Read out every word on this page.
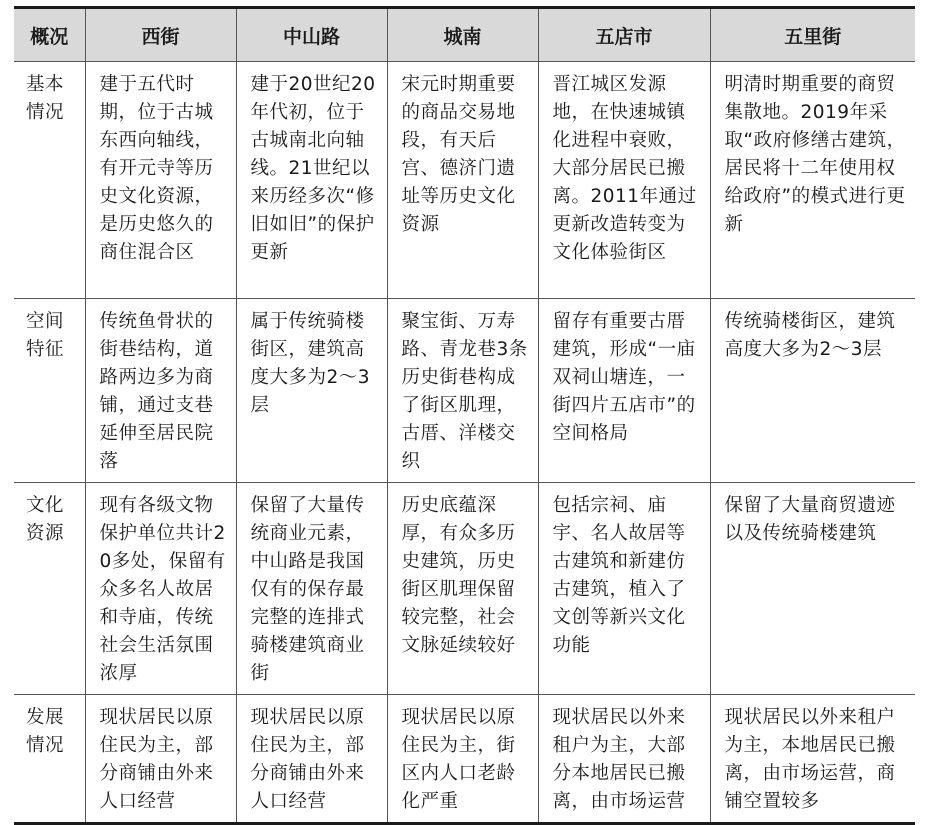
概况	西街	中山路	城南	五店市	五里街
基本情况	建于五代时期，位于古城东西向轴线，有开元寺等历史文化资源，是历史悠久的商住混合区	建于20世纪20年代初，位于古城南北向轴线。21世纪以来历经多次“修旧如旧”的保护更新	宋元时期重要的商品交易地段，有天后宫、德济门遗址等历史文化资源	晋江城区发源地，在快速城镇化进程中衰败，大部分居民已搬离。2011年通过更新改造转变为文化体验街区	明清时期重要的商贸集散地。2019年采取“政府修缮古建筑，居民将十二年使用权给政府”的模式进行更新
空间特征	传统鱼骨状的街巷结构，道路两边多为商铺，通过支巷延伸至居民院落	属于传统骑楼街区，建筑高度大多为2～3层	聚宝街、万寿路、青龙巷3条历史街巷构成了街区肌理，古厝、洋楼交织	留存有重要古厝建筑，形成“一庙双祠山塘连，一街四片五店市”的空间格局	传统骑楼街区，建筑高度大多为2～3层
文化资源	现有各级文物保护单位共计20多处，保留有众多名人故居和寺庙，传统社会生活氛围浓厚	保留了大量传统商业元素，中山路是我国仅有的保存最完整的连排式骑楼建筑商业街	历史底蕴深厚，有众多历史建筑，历史街区肌理保留较完整，社会文脉延续较好	包括宗祠、庙宇、名人故居等古建筑和新建仿古建筑，植入了文创等新兴文化功能	保留了大量商贸遗迹以及传统骑楼建筑
发展情况	现状居民以原住民为主，部分商铺由外来人口经营	现状居民以原住民为主，部分商铺由外来人口经营	现状居民以原住民为主，街区内人口老龄化严重	现状居民以外来租户为主，大部分本地居民已搬离，由市场运营	现状居民以外来租户为主，本地居民已搬离，由市场运营，商铺空置较多
